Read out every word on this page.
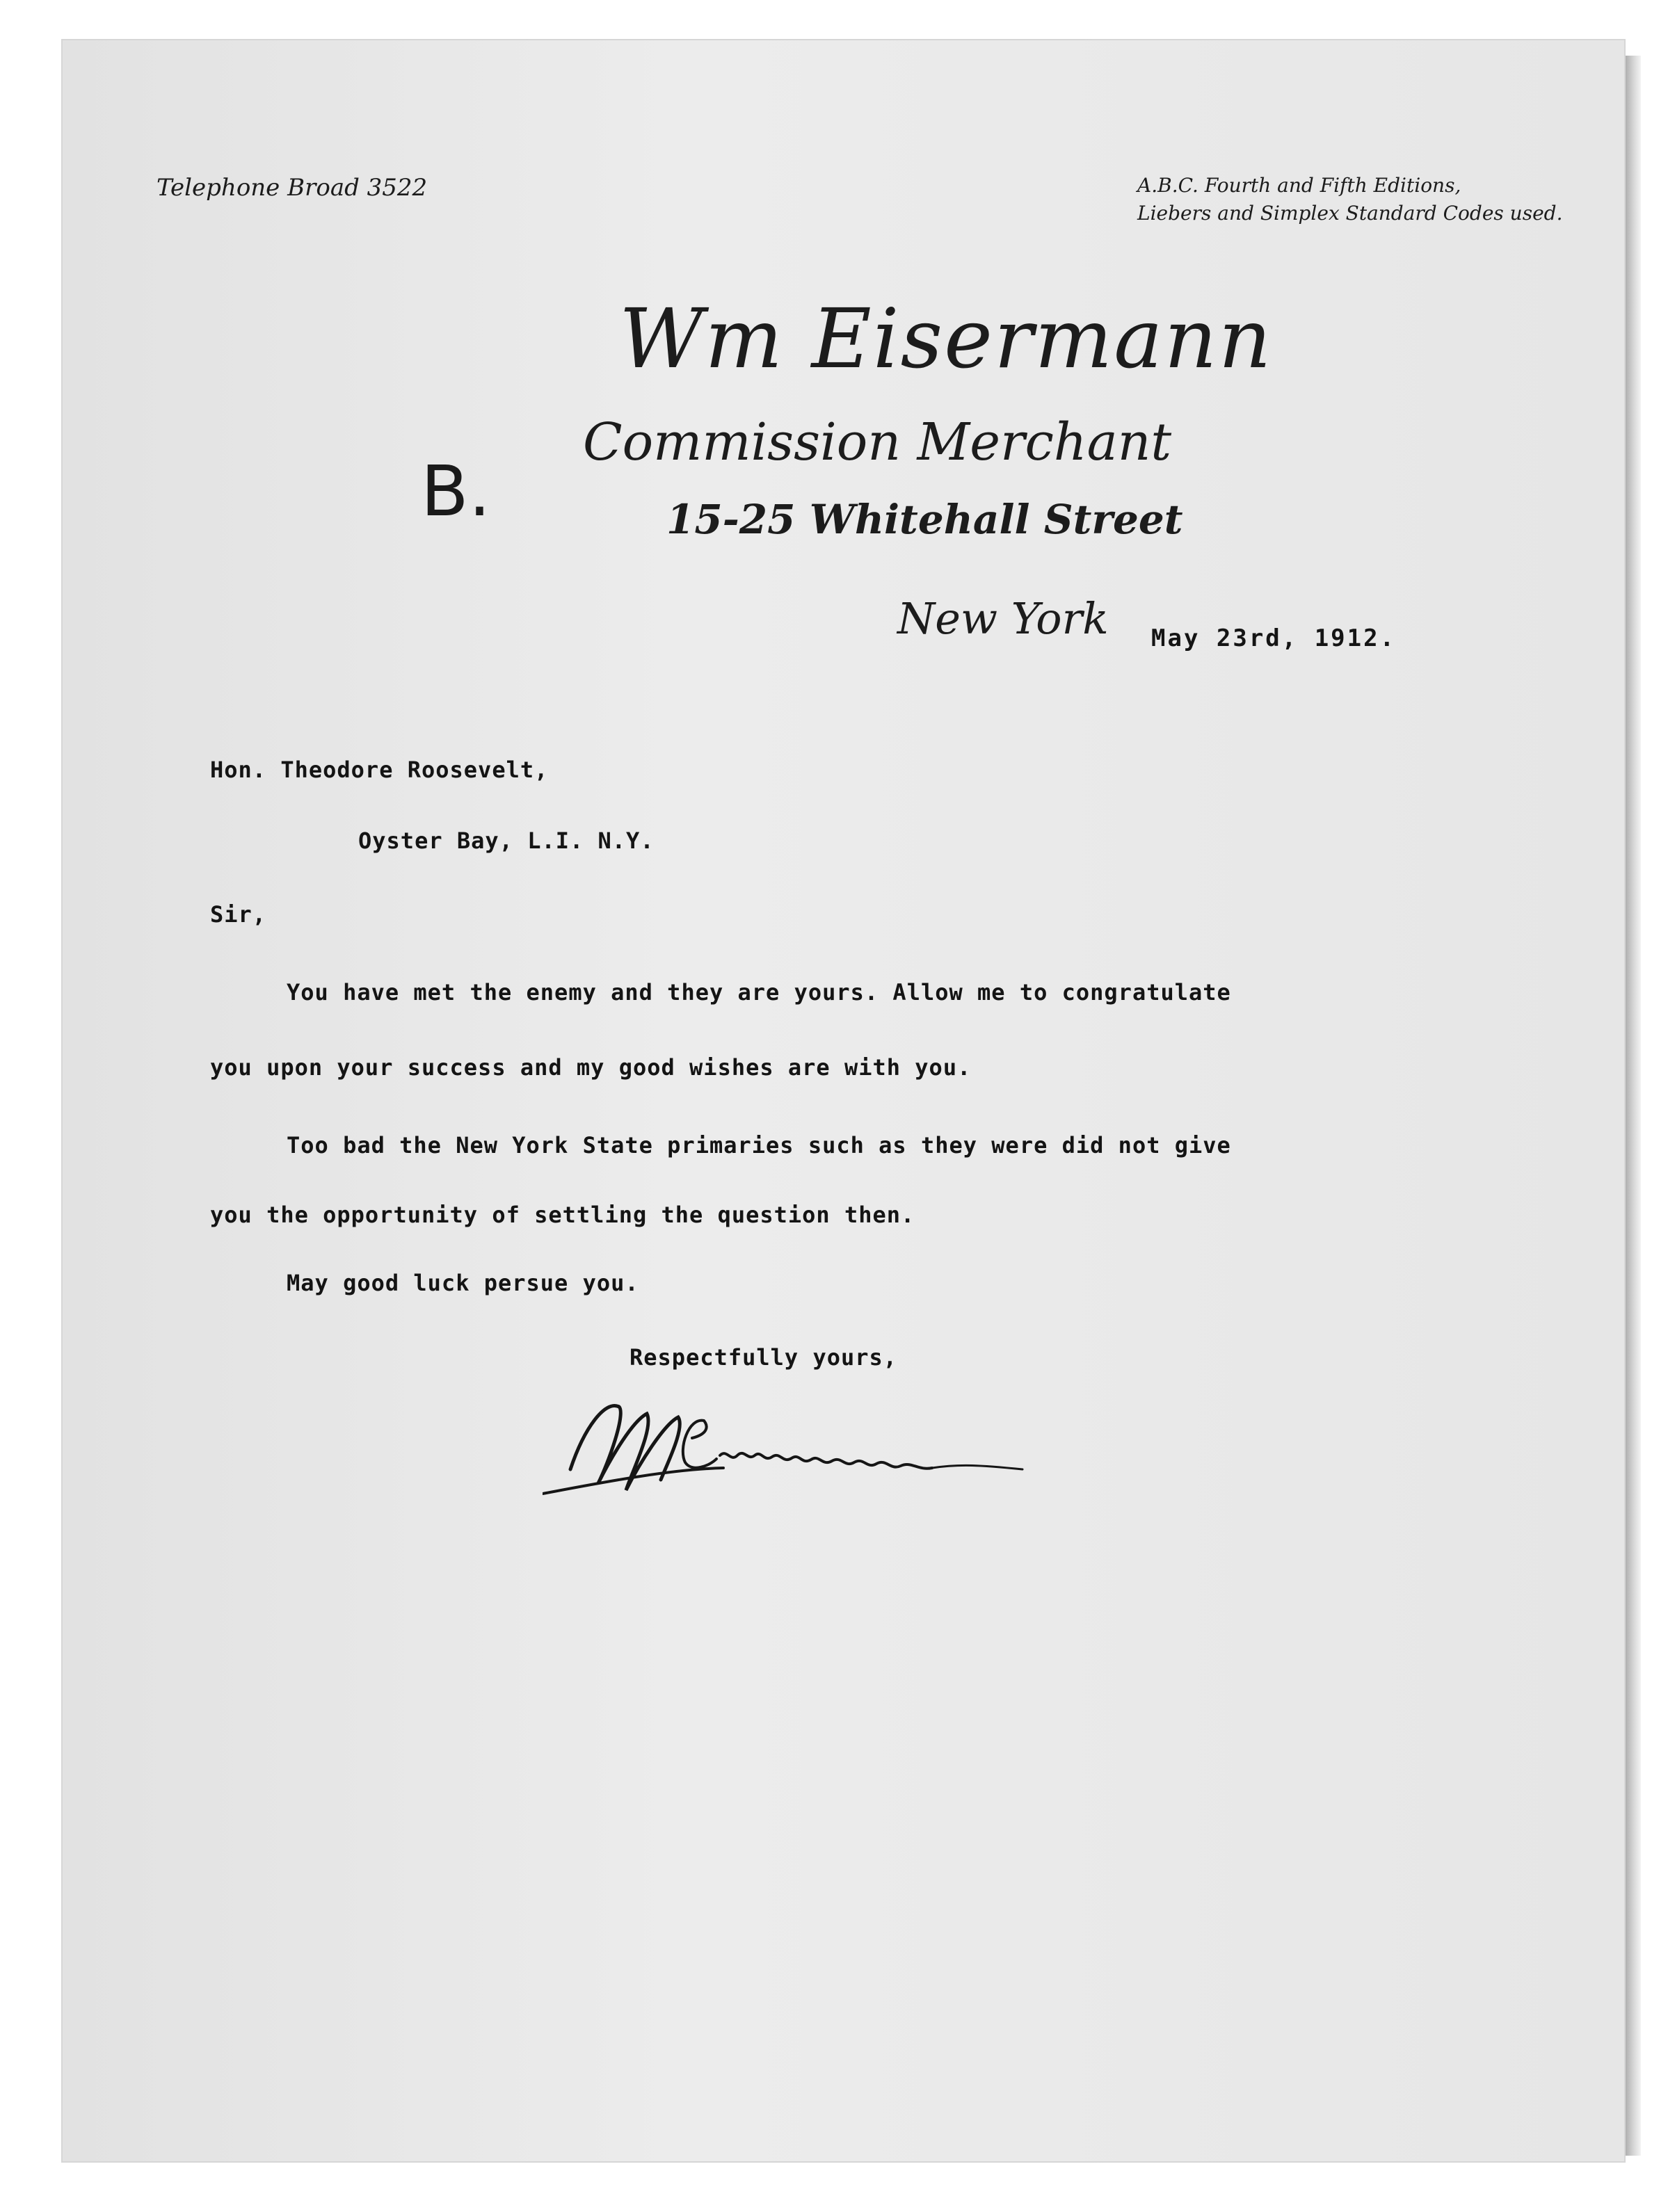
Telephone Broad 3522	A.B.C. Fourth and Fifth Editions,
Liebers and Simplex Standard Codes used.
Wm Eisermann
Commission Merchant
15-25 Whitehall Street
New York May 23rd, 1912.
B.
Hon. Theodore Roosevelt,
Oyster Bay, L.I. N.Y.
Sir,
You have met the enemy and they are yours. Allow me to congratulate
you upon your success and my good wishes are with you.
Too bad the New York State primaries such as they were did not give
you the opportunity of settling the question then.
May good luck persue you.
Respectfully yours,
